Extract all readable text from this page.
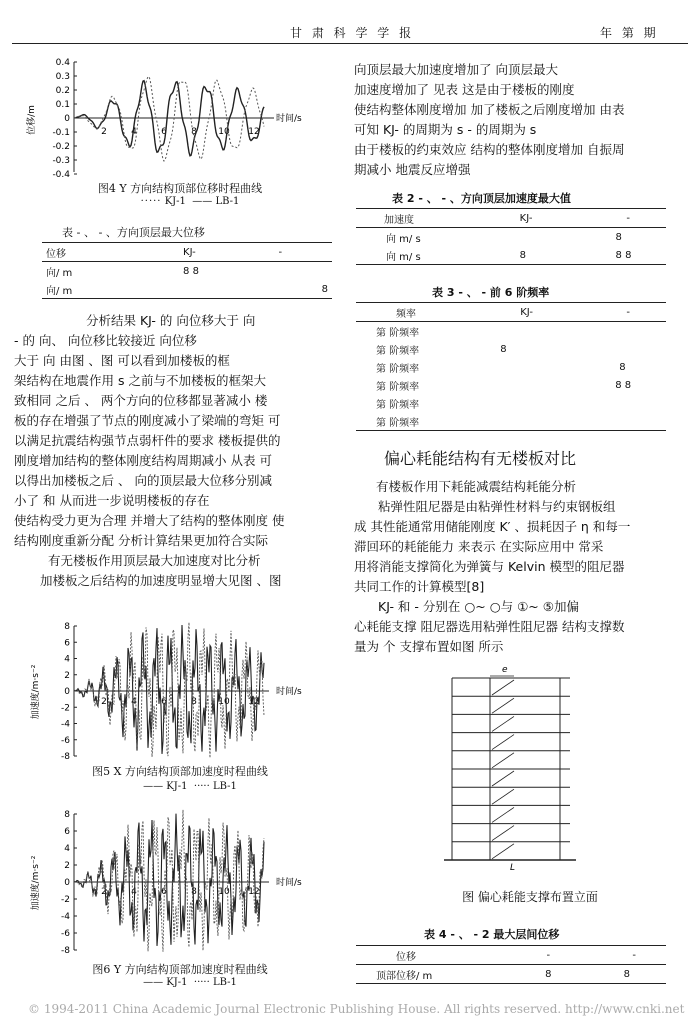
甘 肃 科 学 学 报	年 第 期
0.4
0.3
0.2
0.1
0
-0.1
-0.2
-0.3
-0.4
2	4	6	8 10 12
位移/m	时间/s
图4 Y 方向结构顶部位移时程曲线
····· KJ-1  —— LB-1
表 - 、 - 、方向顶层最大位移
位移	KJ-	-
向/ m	8 8	
向/ m		8
分析结果 KJ- 的 向位移大于 向
- 的 向、 向位移比较接近 向位移
大于 向 由图 、图 可以看到加楼板的框
架结构在地震作用 s 之前与不加楼板的框架大
致相同 之后 、 两个方向的位移都显著减小 楼
板的存在增强了节点的刚度减小了梁端的弯矩 可
以满足抗震结构强节点弱杆件的要求 楼板提供的
刚度增加结构的整体刚度结构周期减小 从表 可
以得出加楼板之后 、 向的顶层最大位移分别减
小了 和 从而进一步说明楼板的存在
使结构受力更为合理 并增大了结构的整体刚度 使
结构刚度重新分配 分析计算结果更加符合实际
有无楼板作用顶层最大加速度对比分析
加楼板之后结构的加速度明显增大见图 、图
8
6
4
2
0
-2
-4
-6
-8
2	4	6	8 10 12
加速度/m·s⁻²	时间/s
图5 X 方向结构顶部加速度时程曲线
—— KJ-1  ····· LB-1
8
6
4
2
0
-2
-4
-6
-8
2	4	6	8 10 12
加速度/m·s⁻²	时间/s
图6 Y 方向结构顶部加速度时程曲线
—— KJ-1  ····· LB-1
向顶层最大加速度增加了 向顶层最大
加速度增加了 见表 这是由于楼板的刚度
使结构整体刚度增加 加了楼板之后刚度增加 由表
可知 KJ- 的周期为 s - 的周期为 s
由于楼板的约束效应 结构的整体刚度增加 自振周
期减小 地震反应增强
表 2 - 、 - 、方向顶层加速度最大值
加速度	KJ-	-
向 m/ s		8
向 m/ s	8	8 8
表 3 - 、 - 前 6 阶频率
频率	KJ-	-
第 阶频率		
第 阶频率	8	
第 阶频率		8
第 阶频率		8 8
第 阶频率		
第 阶频率		
偏心耗能结构有无楼板对比
有楼板作用下耗能减震结构耗能分析
粘弹性阻尼器是由粘弹性材料与约束钢板组
成 其性能通常用储能刚度 K′ 、损耗因子 η 和每一
滞回环的耗能能力 来表示 在实际应用中 常采
用将消能支撑简化为弹簧与 Kelvin 模型的阻尼器
共同工作的计算模型[8]
KJ- 和 - 分别在 ○~ ○与 ①~ ⑤加偏
心耗能支撑 阻尼器选用粘弹性阻尼器 结构支撑数
量为 个 支撑布置如图 所示
e
L
图 偏心耗能支撑布置立面
表 4 - 、 - 2 最大层间位移
位移	-	-
顶部位移/ m	8	8
© 1994-2011 China Academic Journal Electronic Publishing House. All rights reserved. http://www.cnki.net
